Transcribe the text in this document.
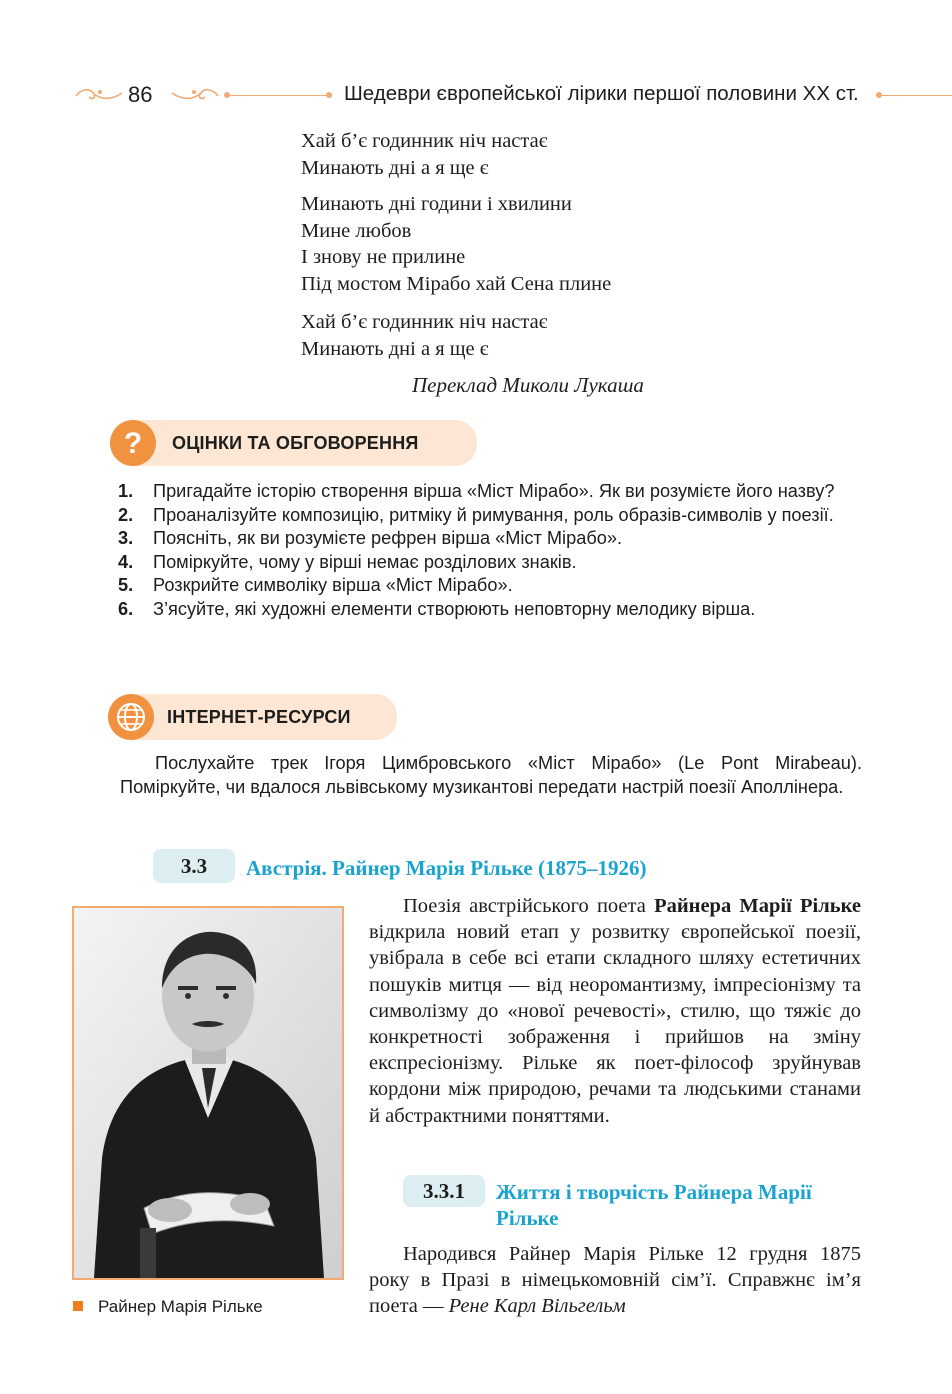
86	Шедеври європейської лірики першої половини XX ст.
Хай б’є годинник ніч настає
Минають дні а я ще є
Минають дні години і хвилини
Мине любов
І знову не прилине
Під мостом Мірабо хай Сена плине
Хай б’є годинник ніч настає
Минають дні а я ще є
Переклад Миколи Лукаша
? ОЦІНКИ ТА ОБГОВОРЕННЯ
1.	Пригадайте історію створення вірша «Міст Мірабо». Як ви розумієте його назву?
2.	Проаналізуйте композицію, ритміку й римування, роль образів-символів у поезії.
3.	Поясніть, як ви розумієте рефрен вірша «Міст Мірабо».
4.	Поміркуйте, чому у вірші немає розділових знаків.
5.	Розкрийте символіку вірша «Міст Мірабо».
6.	З’ясуйте, які художні елементи створюють неповторну мелодику вірша.
ІНТЕРНЕТ-РЕСУРСИ
Послухайте трек Ігоря Цимбровського «Міст Мірабо» (Le Pont Mirabeau). Поміркуйте, чи вдалося львівському музикантові передати настрій поезії Аполлінера.
3.3	Австрія. Райнер Марія Рільке (1875–1926)
Райнер Марія Рільке

Поезія австрійського поета Райнера Марії Рільке відкрила новий етап у розвитку європейської поезії, увібрала в себе всі етапи складного шляху естетичних пошуків митця — від неоромантизму, імпресіонізму та символізму до «нової речевості», стилю, що тяжіє до конкретності зображення і прийшов на зміну експресіонізму. Рільке як поет-філософ зруйнував кордони між природою, речами та людськими станами й абстрактними поняттями.

3.3.1	Життя і творчість Райнера Марії Рільке

Народився Райнер Марія Рільке 12 грудня 1875 року в Празі в німецькомовній сім’ї. Справжнє ім’я поета — Рене Карл Вільгельм
